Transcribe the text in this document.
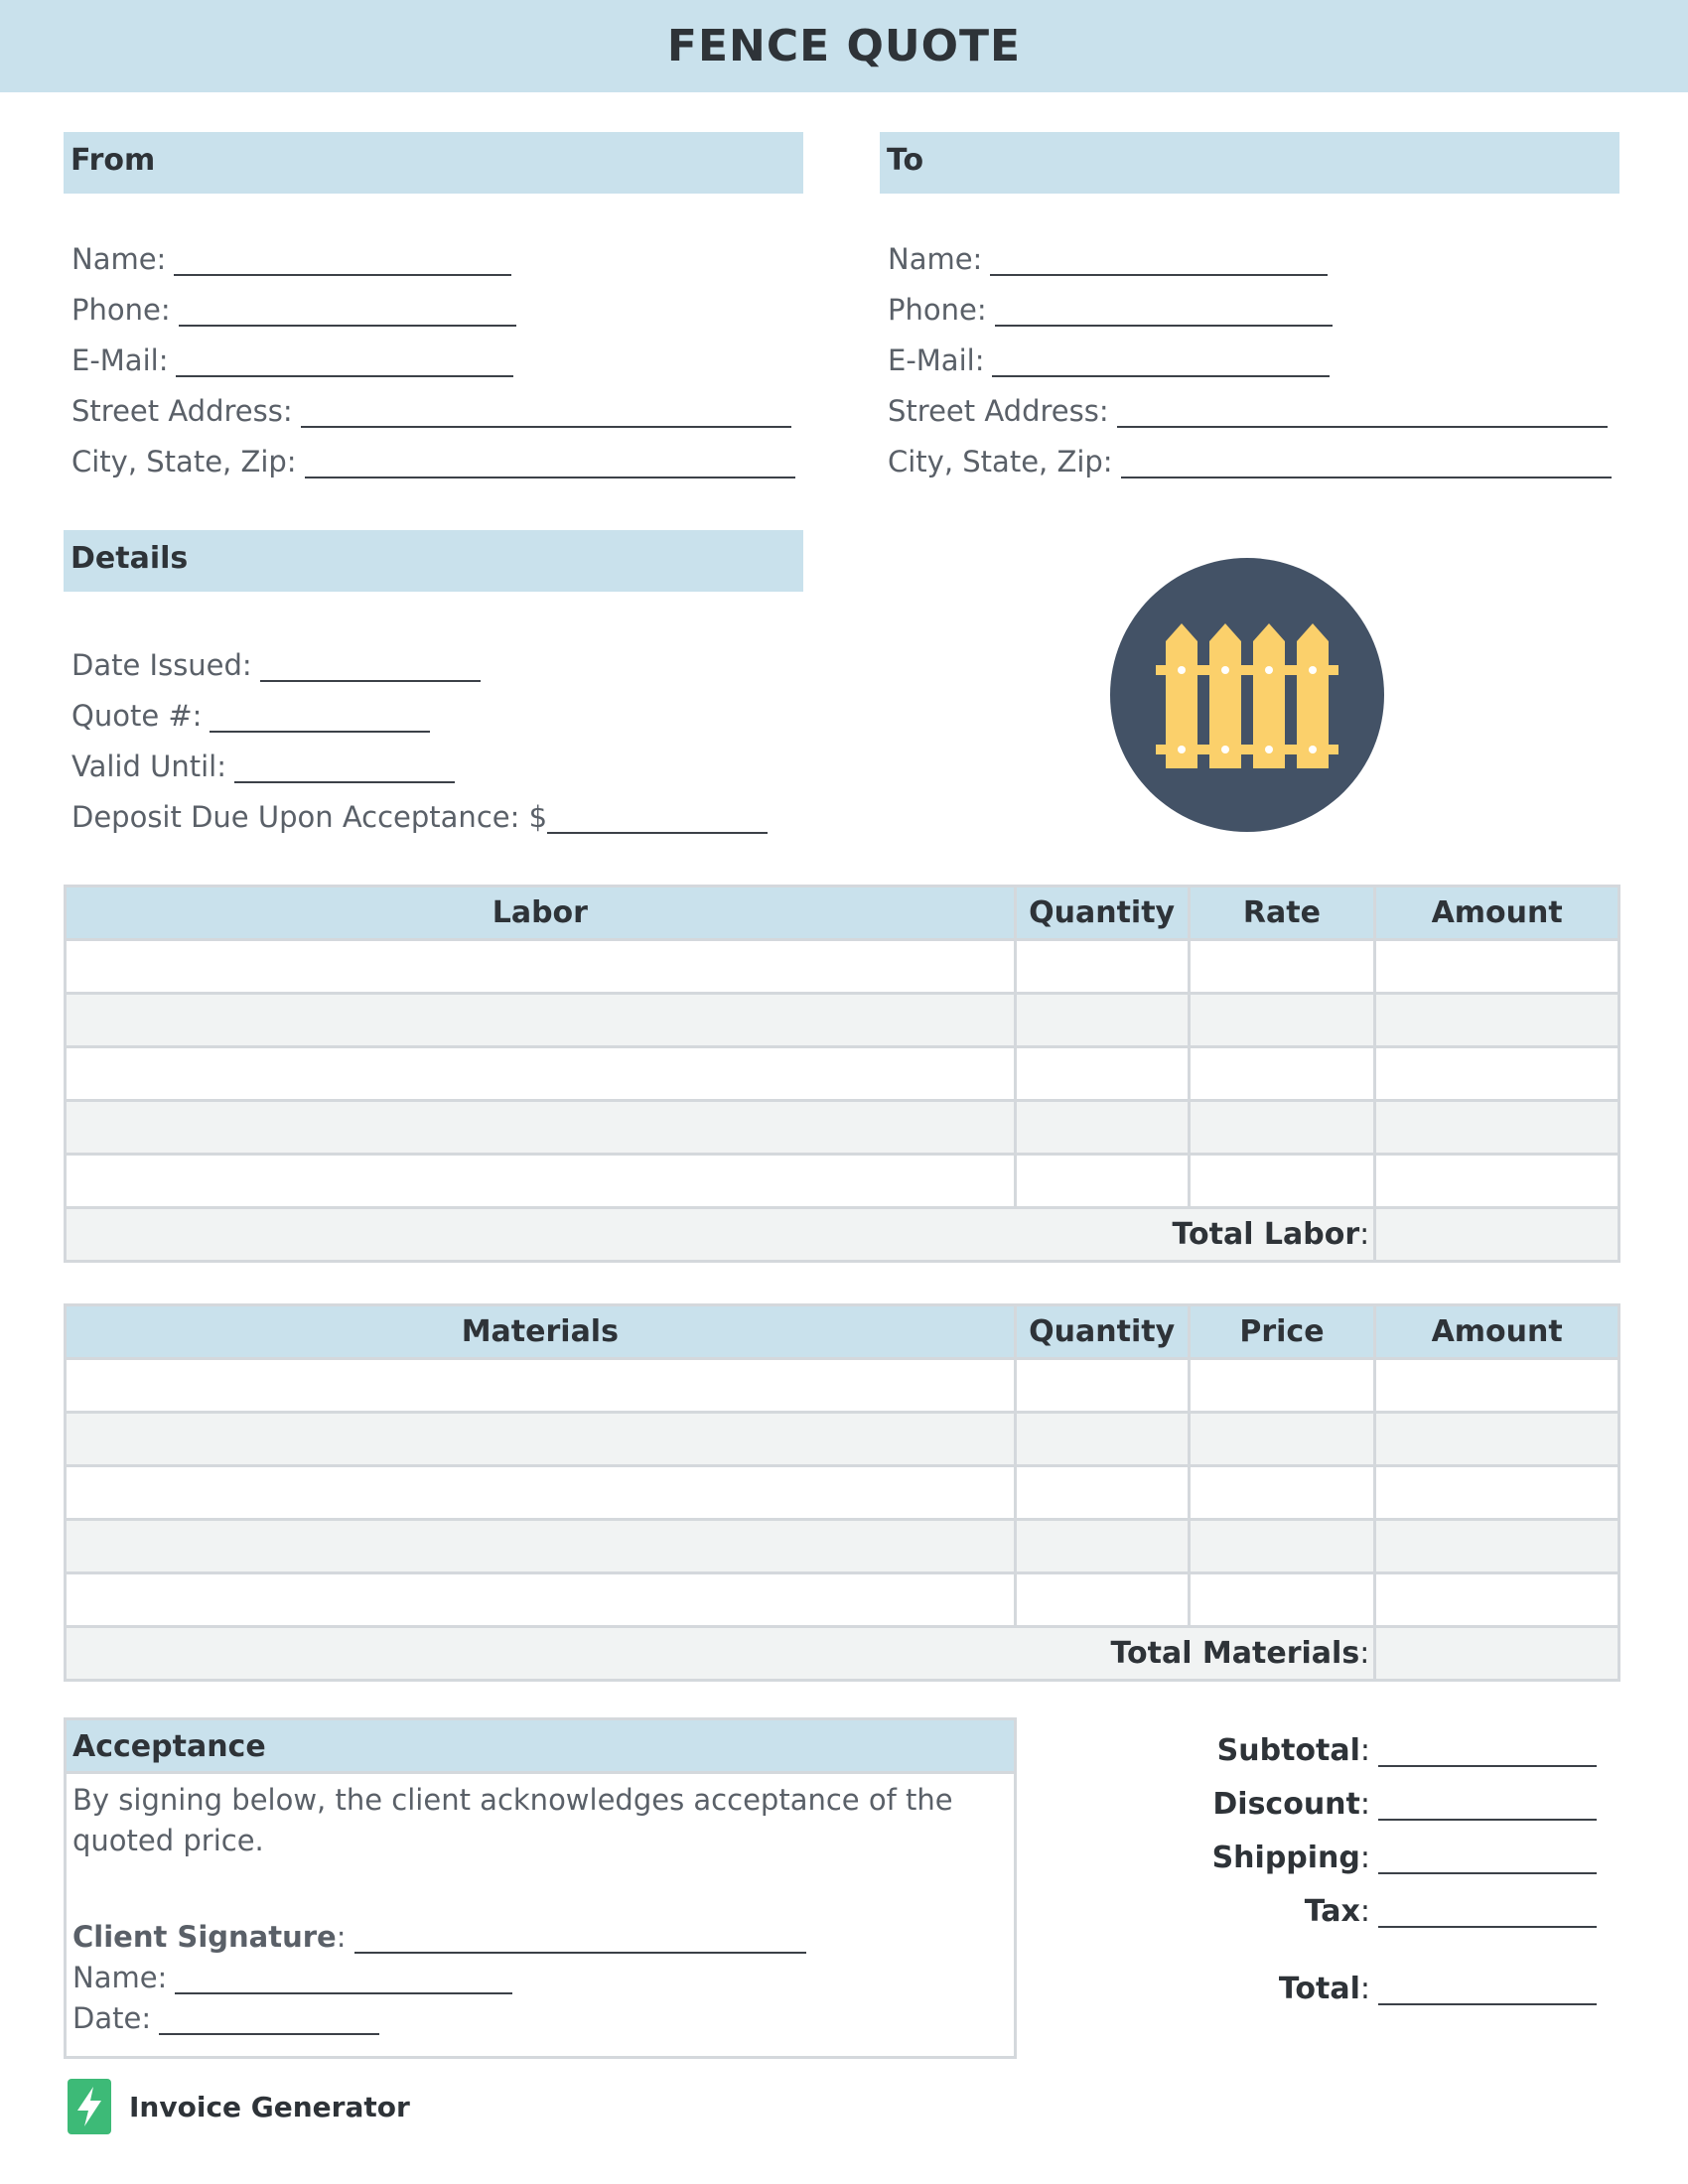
FENCE QUOTE
From
Name:
Phone:
E-Mail:
Street Address:
City, State, Zip:
To
Name:
Phone:
E-Mail:
Street Address:
City, State, Zip:
Details
Date Issued:
Quote #:
Valid Until:
Deposit Due Upon Acceptance: $
Labor	Quantity	Rate	Amount

Total Labor:			
Materials	Quantity	Price	Amount

Total Materials:			
Acceptance
By signing below, the client acknowledges acceptance of the quoted price.
Client Signature :
Name:
Date:
Subtotal :
Discount :
Shipping :
Tax :
Total :
Invoice Generator
